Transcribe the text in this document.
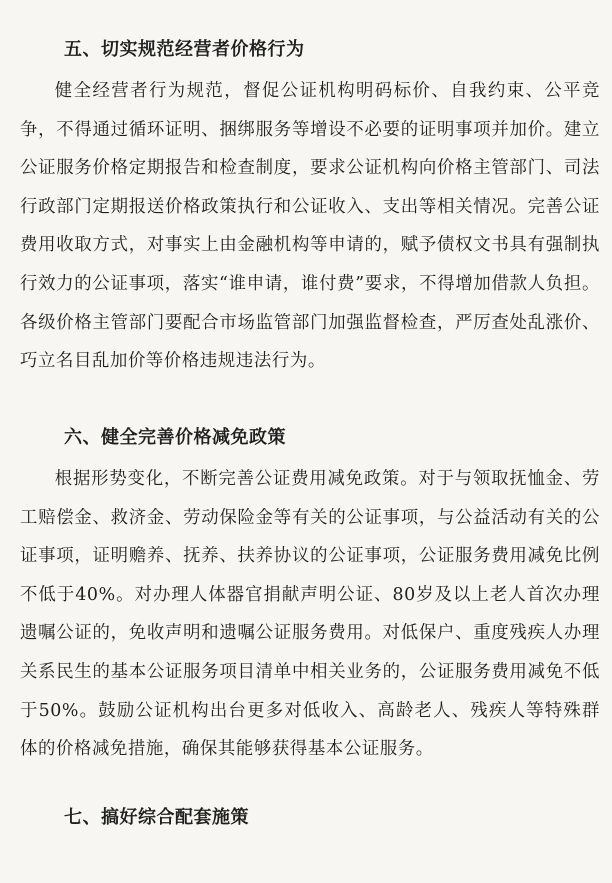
五、切实规范经营者价格行为
健全经营者行为规范，督促公证机构明码标价、自我约束、公平竞争，不得通过循环证明、捆绑服务等增设不必要的证明事项并加价。建立公证服务价格定期报告和检查制度，要求公证机构向价格主管部门、司法行政部门定期报送价格政策执行和公证收入、支出等相关情况。完善公证费用收取方式，对事实上由金融机构等申请的，赋予债权文书具有强制执行效力的公证事项，落实“谁申请，谁付费”要求，不得增加借款人负担。各级价格主管部门要配合市场监管部门加强监督检查，严厉查处乱涨价、巧立名目乱加价等价格违规违法行为。
六、健全完善价格减免政策
根据形势变化，不断完善公证费用减免政策。对于与领取抚恤金、劳工赔偿金、救济金、劳动保险金等有关的公证事项，与公益活动有关的公证事项，证明赡养、抚养、扶养协议的公证事项，公证服务费用减免比例不低于40%。对办理人体器官捐献声明公证、80岁及以上老人首次办理遗嘱公证的，免收声明和遗嘱公证服务费用。对低保户、重度残疾人办理关系民生的基本公证服务项目清单中相关业务的，公证服务费用减免不低于50%。鼓励公证机构出台更多对低收入、高龄老人、残疾人等特殊群体的价格减免措施，确保其能够获得基本公证服务。
七、搞好综合配套施策
